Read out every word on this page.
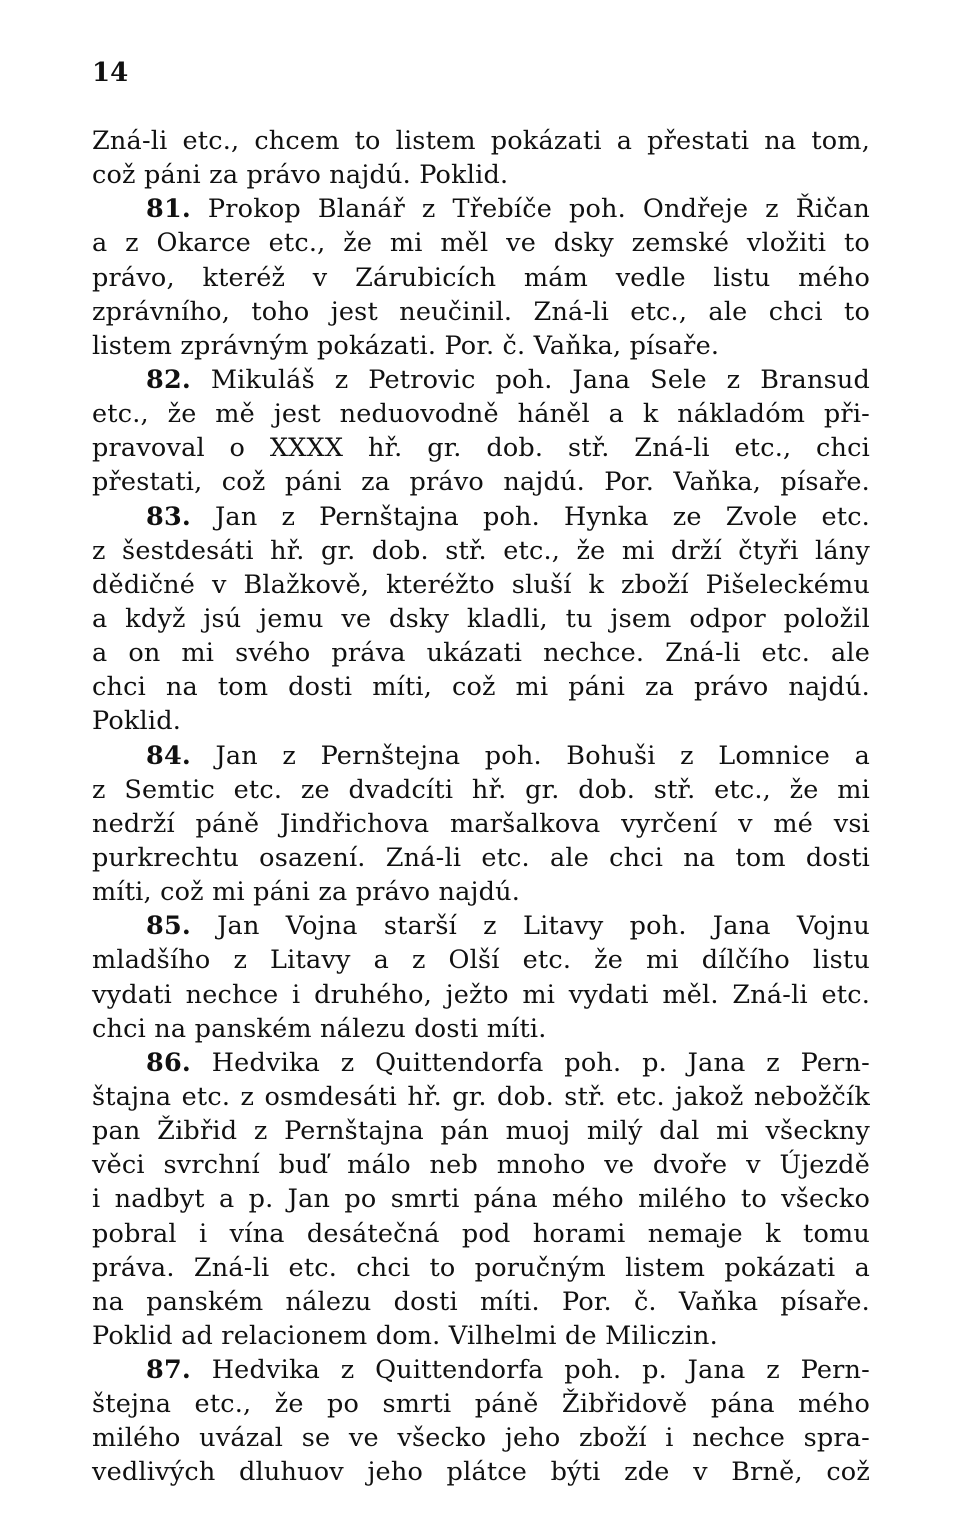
14
Zná-li etc., chcem to listem pokázati a přestati na tom,
což páni za právo najdú. Poklid.
81. Prokop Blanář z Třebíče poh. Ondřeje z Řičan
a z Okarce etc., že mi měl ve dsky zemské vložiti to
právo, kteréž v Zárubicích mám vedle listu mého
zprávního, toho jest neučinil. Zná-li etc., ale chci to
listem zprávným pokázati. Por. č. Vaňka, písaře.
82. Mikuláš z Petrovic poh. Jana Sele z Bransud
etc., že mě jest neduovodně háněl a k nákladóm při-
pravoval o XXXX hř. gr. dob. stř. Zná-li etc., chci
přestati, což páni za právo najdú. Por. Vaňka, písaře.
83. Jan z Pernštajna poh. Hynka ze Zvole etc.
z šestdesáti hř. gr. dob. stř. etc., že mi drží čtyři lány
dědičné v Blažkově, kteréžto sluší k zboží Pišeleckému
a když jsú jemu ve dsky kladli, tu jsem odpor položil
a on mi svého práva ukázati nechce. Zná-li etc. ale
chci na tom dosti míti, což mi páni za právo najdú.
Poklid.
84. Jan z Pernštejna poh. Bohuši z Lomnice a
z Semtic etc. ze dvadcíti hř. gr. dob. stř. etc., že mi
nedrží páně Jindřichova maršalkova vyrčení v mé vsi
purkrechtu osazení. Zná-li etc. ale chci na tom dosti
míti, což mi páni za právo najdú.
85. Jan Vojna starší z Litavy poh. Jana Vojnu
mladšího z Litavy a z Olší etc. že mi dílčího listu
vydati nechce i druhého, ježto mi vydati měl. Zná-li etc.
chci na panském nálezu dosti míti.
86. Hedvika z Quittendorfa poh. p. Jana z Pern-
štajna etc. z osmdesáti hř. gr. dob. stř. etc. jakož nebožčík
pan Žibřid z Pernštajna pán muoj milý dal mi všeckny
věci svrchní buď málo neb mnoho ve dvoře v Újezdě
i nadbyt a p. Jan po smrti pána mého milého to všecko
pobral i vína desátečná pod horami nemaje k tomu
práva. Zná-li etc. chci to poručným listem pokázati a
na panském nálezu dosti míti. Por. č. Vaňka písaře.
Poklid ad relacionem dom. Vilhelmi de Miliczin.
87. Hedvika z Quittendorfa poh. p. Jana z Pern-
štejna etc., že po smrti páně Žibřidově pána mého
milého uvázal se ve všecko jeho zboží i nechce spra-
vedlivých dluhuov jeho plátce býti zde v Brně, což
